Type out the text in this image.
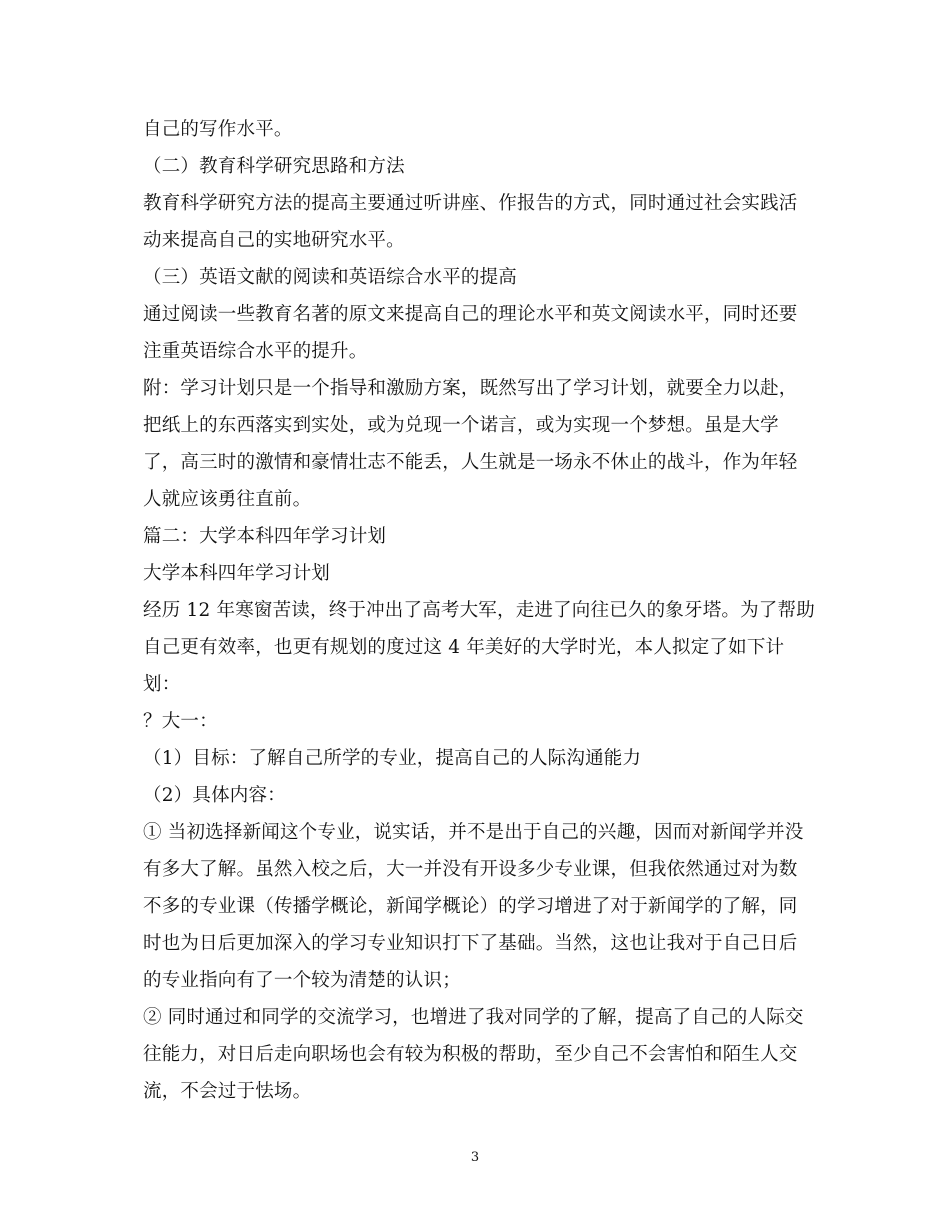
自己的写作水平。
（二）教育科学研究思路和方法
教育科学研究方法的提高主要通过听讲座、作报告的方式，同时通过社会实践活
动来提高自己的实地研究水平。
（三）英语文献的阅读和英语综合水平的提高
通过阅读一些教育名著的原文来提高自己的理论水平和英文阅读水平，同时还要
注重英语综合水平的提升。
附：学习计划只是一个指导和激励方案，既然写出了学习计划，就要全力以赴，
把纸上的东西落实到实处，或为兑现一个诺言，或为实现一个梦想。虽是大学
了，高三时的激情和豪情壮志不能丢，人生就是一场永不休止的战斗，作为年轻
人就应该勇往直前。
篇二：大学本科四年学习计划
大学本科四年学习计划
经历 12 年寒窗苦读，终于冲出了高考大军，走进了向往已久的象牙塔。为了帮助
自己更有效率，也更有规划的度过这 4 年美好的大学时光，本人拟定了如下计
划：
？大一：
（1）目标：了解自己所学的专业，提高自己的人际沟通能力
（2）具体内容：
① 当初选择新闻这个专业，说实话，并不是出于自己的兴趣，因而对新闻学并没
有多大了解。虽然入校之后，大一并没有开设多少专业课，但我依然通过对为数
不多的专业课（传播学概论，新闻学概论）的学习增进了对于新闻学的了解，同
时也为日后更加深入的学习专业知识打下了基础。当然，这也让我对于自己日后
的专业指向有了一个较为清楚的认识；
② 同时通过和同学的交流学习，也增进了我对同学的了解，提高了自己的人际交
往能力，对日后走向职场也会有较为积极的帮助，至少自己不会害怕和陌生人交
流，不会过于怯场。
3
